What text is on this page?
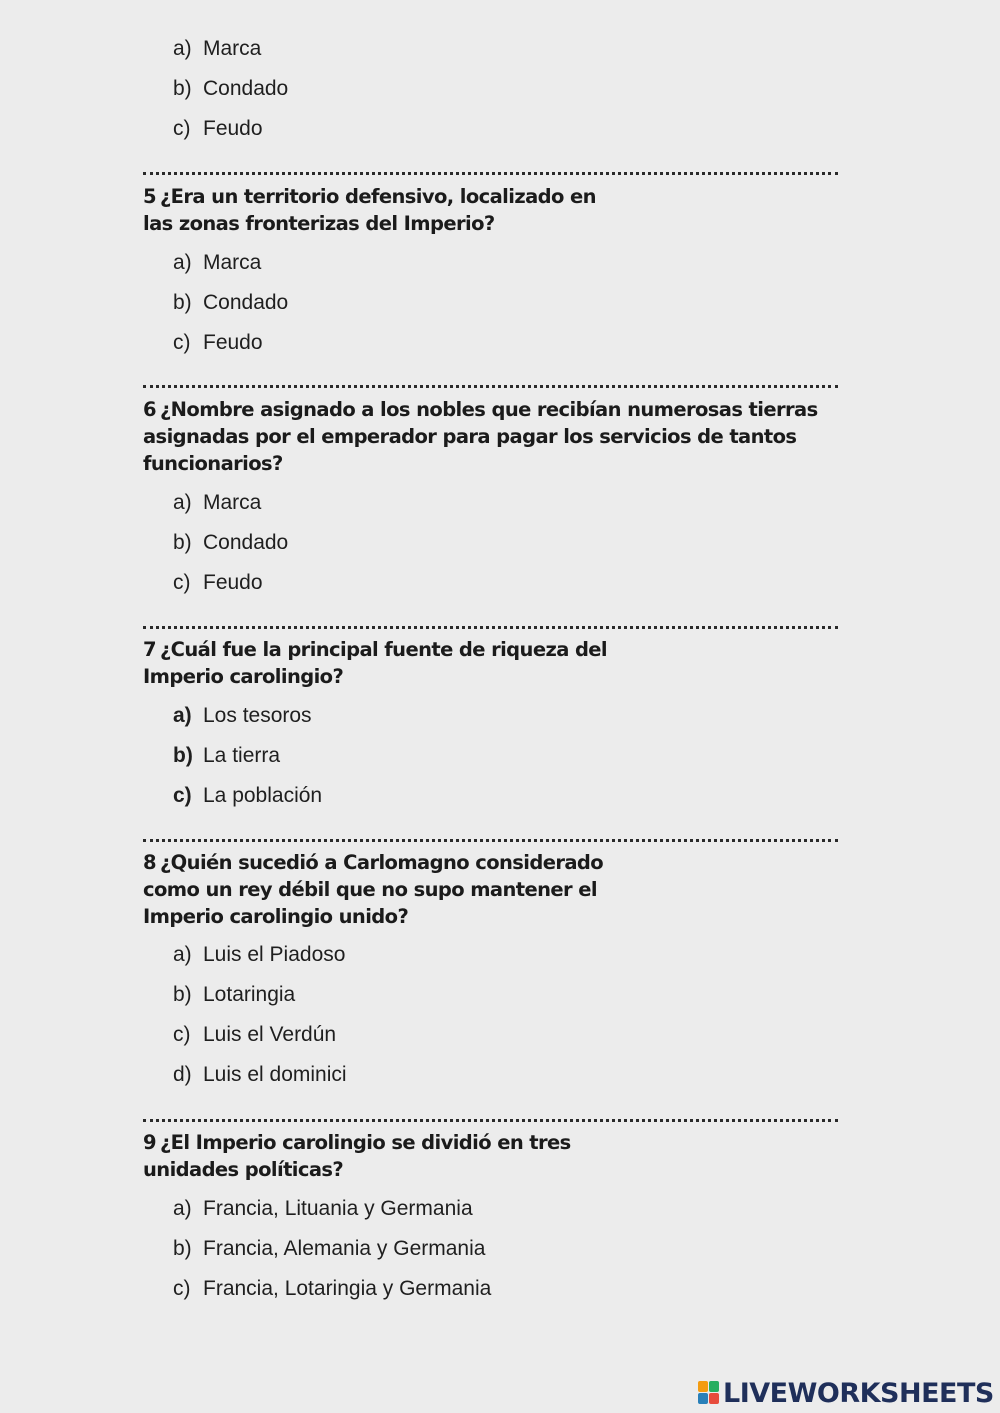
a) Marca
b) Condado
c) Feudo
5 ¿Era un territorio defensivo, localizado en
las zonas fronterizas del Imperio?
a) Marca
b) Condado
c) Feudo
6 ¿Nombre asignado a los nobles que recibían numerosas tierras
asignadas por el emperador para pagar los servicios de tantos
funcionarios?
a) Marca
b) Condado
c) Feudo
7 ¿Cuál fue la principal fuente de riqueza del
Imperio carolingio?
a) Los tesoros
b) La tierra
c) La población
8 ¿Quién sucedió a Carlomagno considerado
como un rey débil que no supo mantener el
Imperio carolingio unido?
a) Luis el Piadoso
b) Lotaringia
c) Luis el Verdún
d) Luis el dominici
9 ¿El Imperio carolingio se dividió en tres
unidades políticas?
a) Francia, Lituania y Germania
b) Francia, Alemania y Germania
c) Francia, Lotaringia y Germania
LIVEWORKSHEETS
